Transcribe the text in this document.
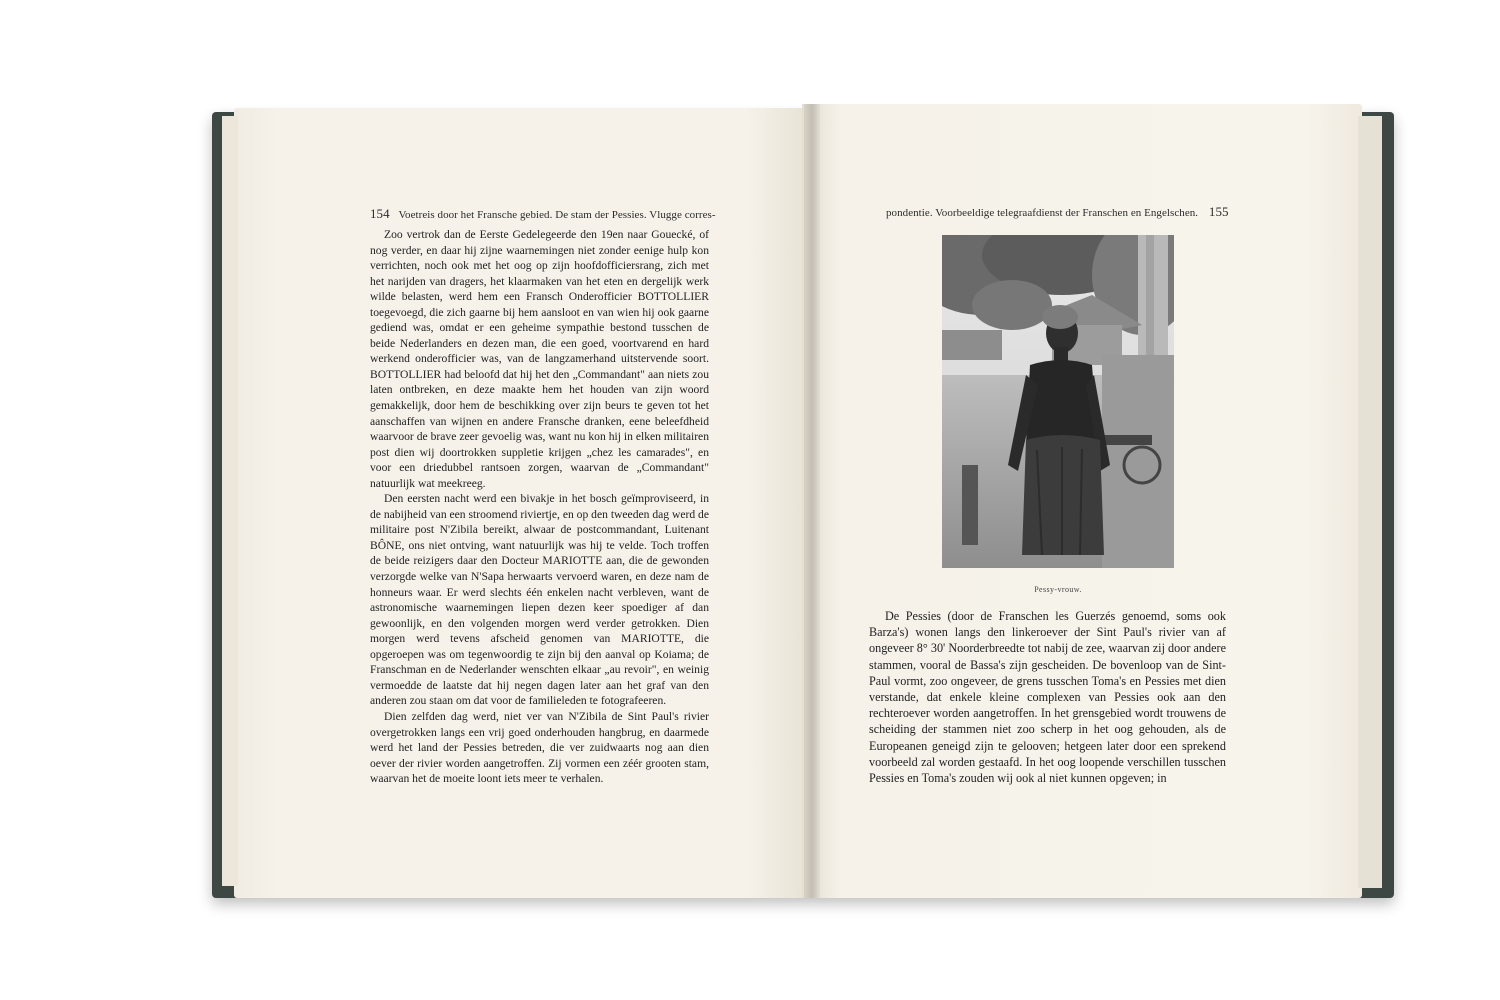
154 Voetreis door het Fransche gebied. De stam der Pessies. Vlugge corres-

Zoo vertrok dan de Eerste Gedelegeerde den 19en naar Gouecké, of nog verder, en daar hij zijne waarnemingen niet zonder eenige hulp kon verrichten, noch ook met het oog op zijn hoofdofficiersrang, zich met het narijden van dragers, het klaarmaken van het eten en dergelijk werk wilde belasten, werd hem een Fransch Onderofficier BOTTOLLIER toegevoegd, die zich gaarne bij hem aansloot en van wien hij ook gaarne gediend was, omdat er een geheime sympathie bestond tusschen de beide Nederlanders en dezen man, die een goed, voortvarend en hard werkend onderofficier was, van de langzamerhand uitstervende soort. BOTTOLLIER had beloofd dat hij het den „Commandant" aan niets zou laten ontbreken, en deze maakte hem het houden van zijn woord gemakkelijk, door hem de beschikking over zijn beurs te geven tot het aanschaffen van wijnen en andere Fransche dranken, eene beleefdheid waarvoor de brave zeer gevoelig was, want nu kon hij in elken militairen post dien wij doortrokken suppletie krijgen „chez les camarades", en voor een driedubbel rantsoen zorgen, waarvan de „Commandant" natuurlijk wat meekreeg.

Den eersten nacht werd een bivakje in het bosch geïmproviseerd, in de nabijheid van een stroomend riviertje, en op den tweeden dag werd de militaire post N'Zibila bereikt, alwaar de postcommandant, Luitenant BÔNE, ons niet ontving, want natuurlijk was hij te velde. Toch troffen de beide reizigers daar den Docteur MARIOTTE aan, die de gewonden verzorgde welke van N'Sapa herwaarts vervoerd waren, en deze nam de honneurs waar. Er werd slechts één enkelen nacht verbleven, want de astronomische waarnemingen liepen dezen keer spoediger af dan gewoonlijk, en den volgenden morgen werd verder getrokken. Dien morgen werd tevens afscheid genomen van MARIOTTE, die opgeroepen was om tegenwoordig te zijn bij den aanval op Koiama; de Franschman en de Nederlander wenschten elkaar „au revoir", en weinig vermoedde de laatste dat hij negen dagen later aan het graf van den anderen zou staan om dat voor de familieleden te fotografeeren.

Dien zelfden dag werd, niet ver van N'Zibila de Sint Paul's rivier overgetrokken langs een vrij goed onderhouden hangbrug, en daarmede werd het land der Pessies betreden, die ver zuidwaarts nog aan dien oever der rivier worden aangetroffen. Zij vormen een zéér grooten stam, waarvan het de moeite loont iets meer te verhalen.

pondentie. Voorbeeldige telegraafdienst der Franschen en Engelschen. 155
Pessy-vrouw.

De Pessies (door de Franschen les Guerzés genoemd, soms ook Barza's) wonen langs den linkeroever der Sint Paul's rivier van af ongeveer 8° 30' Noorderbreedte tot nabij de zee, waarvan zij door andere stammen, vooral de Bassa's zijn gescheiden. De bovenloop van de Sint-Paul vormt, zoo ongeveer, de grens tusschen Toma's en Pessies met dien verstande, dat enkele kleine complexen van Pessies ook aan den rechteroever worden aangetroffen. In het grensgebied wordt trouwens de scheiding der stammen niet zoo scherp in het oog gehouden, als de Europeanen geneigd zijn te gelooven; hetgeen later door een sprekend voorbeeld zal worden gestaafd. In het oog loopende verschillen tusschen Pessies en Toma's zouden wij ook al niet kunnen opgeven; in
